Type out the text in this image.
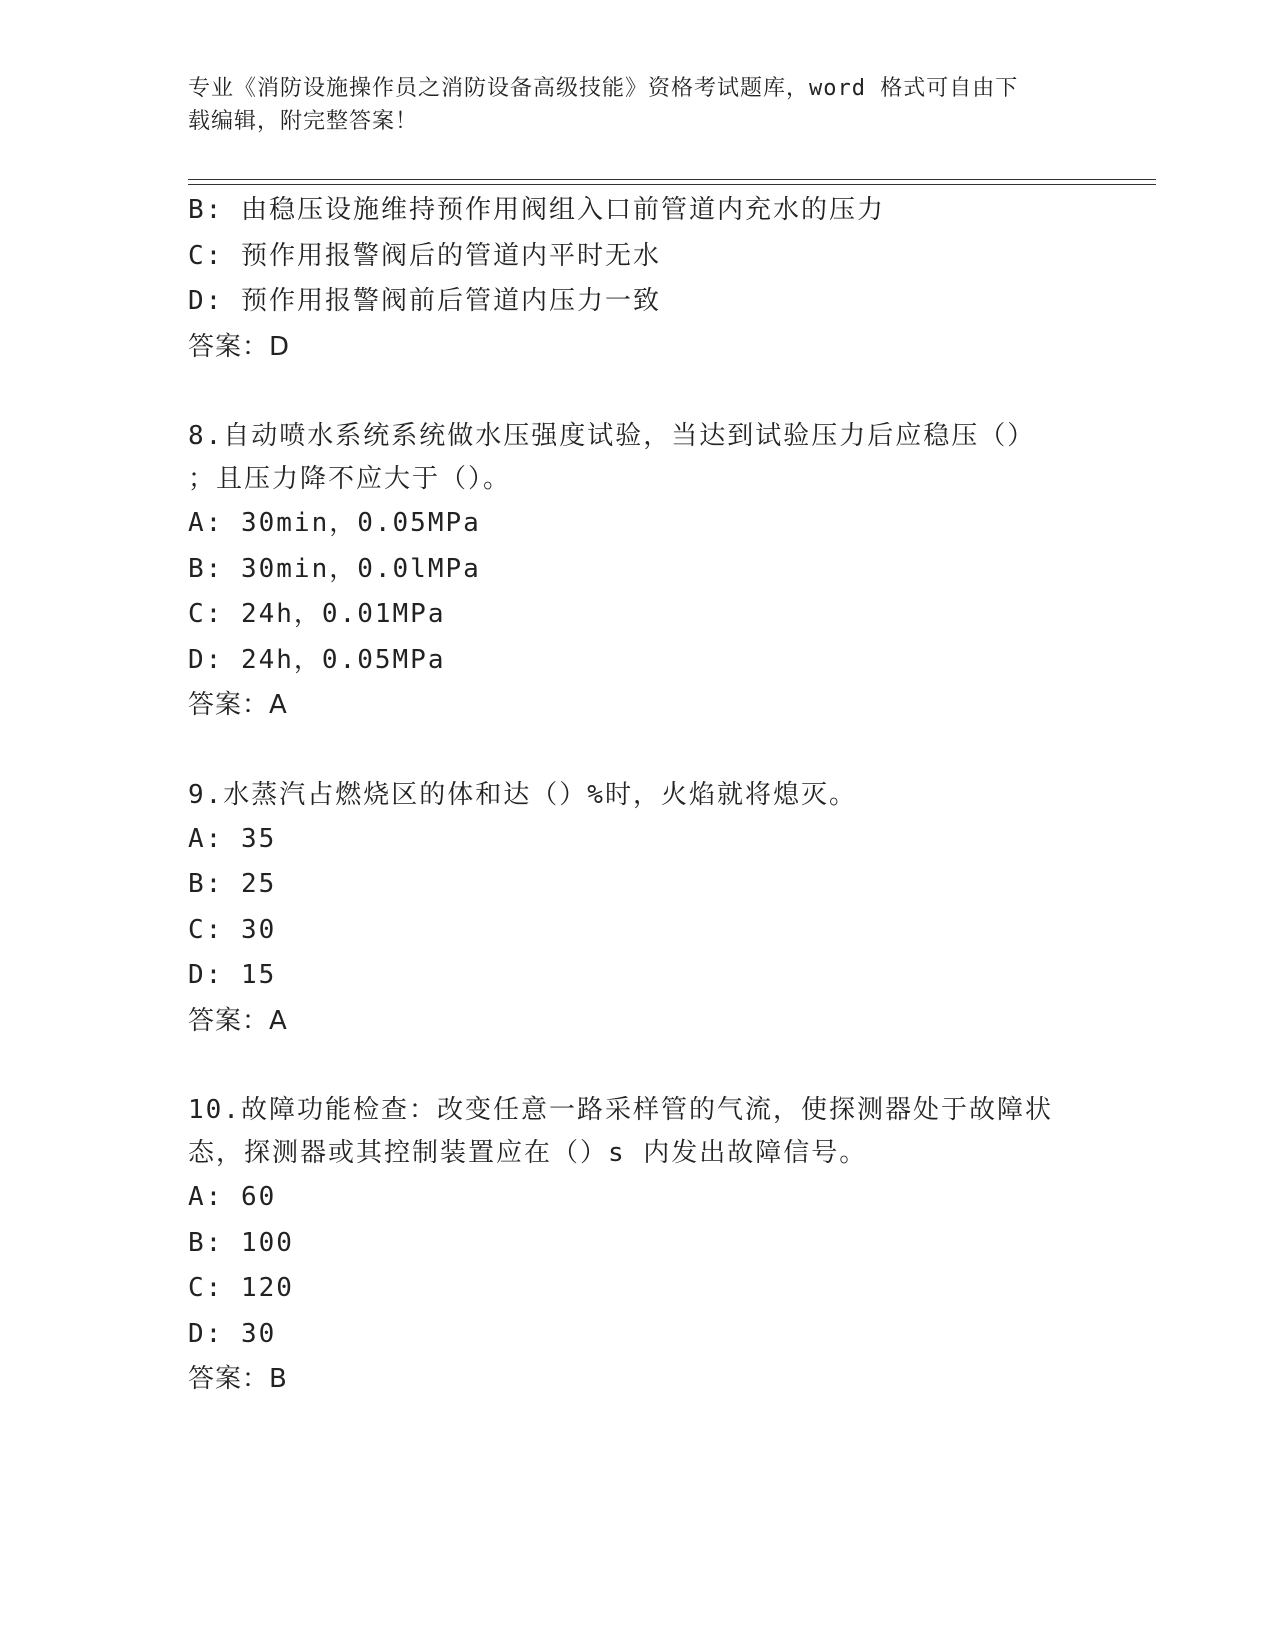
专业《消防设施操作员之消防设备高级技能》资格考试题库，word 格式可自由下
载编辑，附完整答案！
B: 由稳压设施维持预作用阀组入口前管道内充水的压力
C: 预作用报警阀后的管道内平时无水
D: 预作用报警阀前后管道内压力一致
答案：D
8.自动喷水系统系统做水压强度试验，当达到试验压力后应稳压（）
；且压力降不应大于（）。
A: 30min，0.05MPa
B: 30min，0.0lMPa
C: 24h，0.01MPa
D: 24h，0.05MPa
答案：A
9.水蒸汽占燃烧区的体和达（）%时，火焰就将熄灭。
A: 35
B: 25
C: 30
D: 15
答案：A
10.故障功能检查：改变任意一路采样管的气流，使探测器处于故障状
态，探测器或其控制装置应在（）s 内发出故障信号。
A: 60
B: 100
C: 120
D: 30
答案：B
